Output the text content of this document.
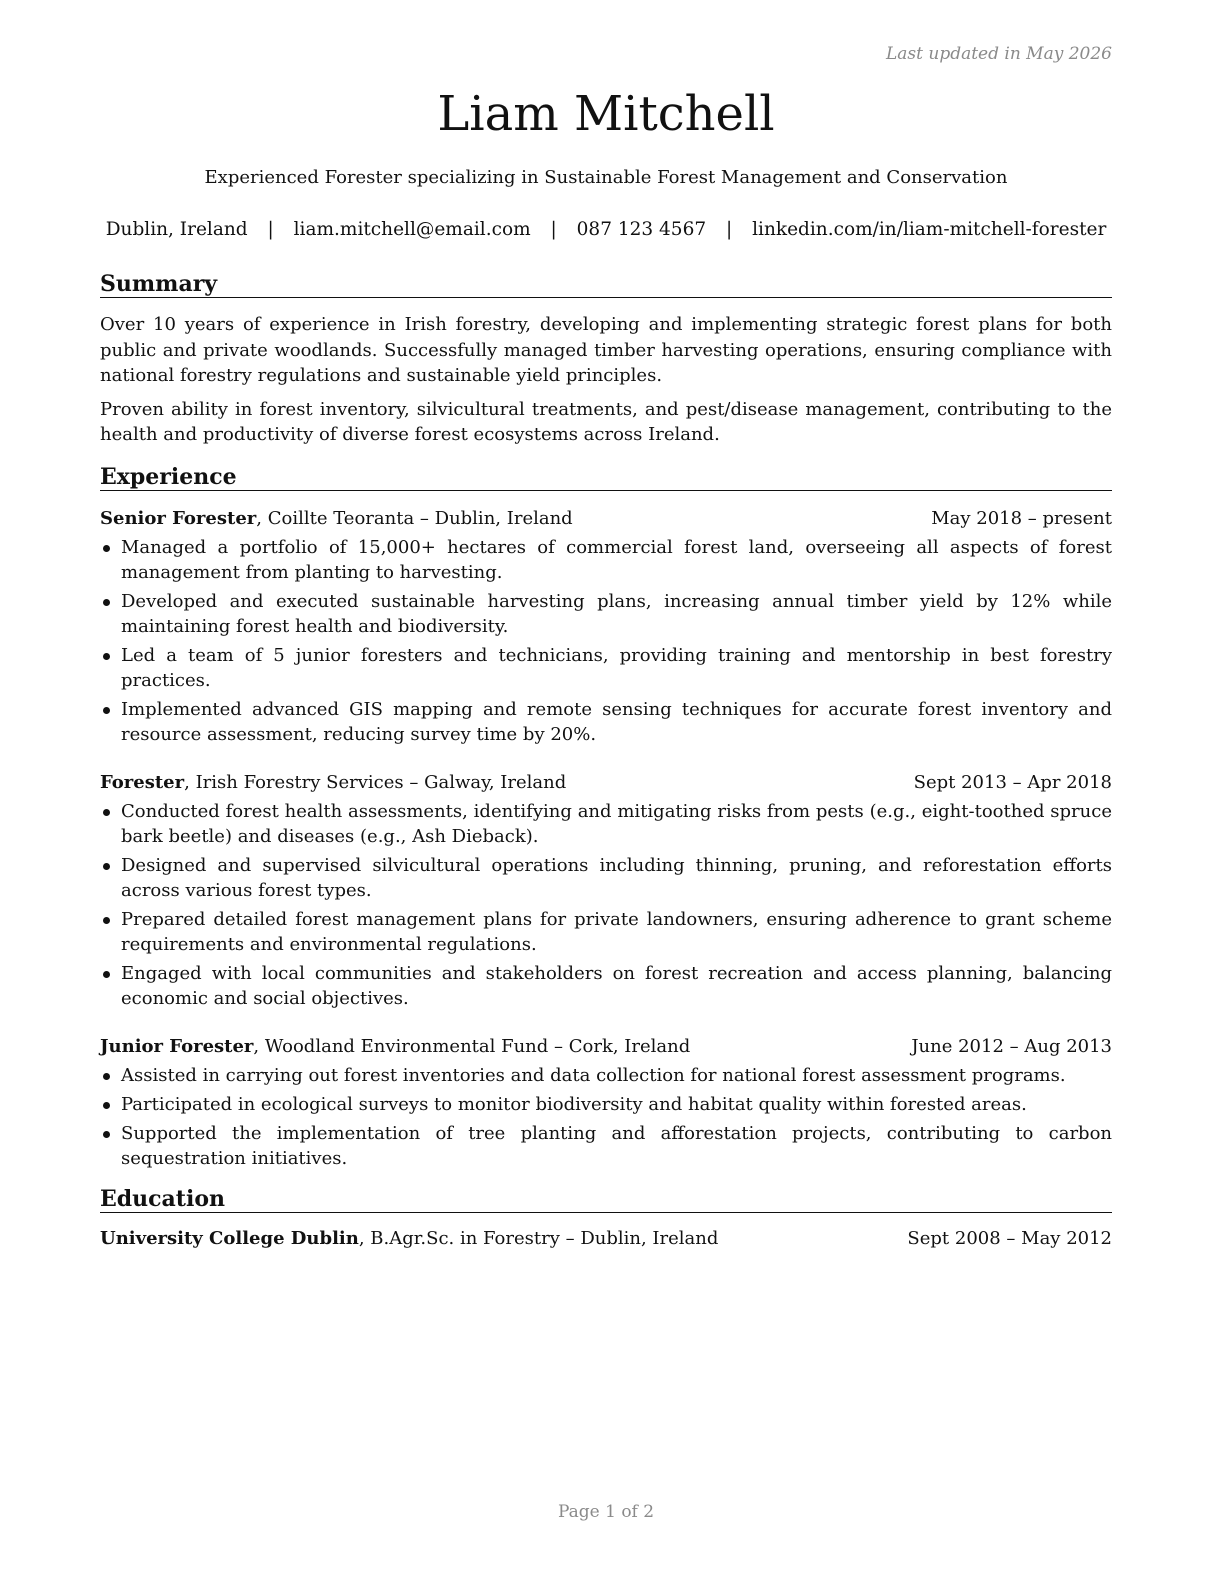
Last updated in May 2026
Liam Mitchell
Experienced Forester specializing in Sustainable Forest Management and Conservation
Dublin, Ireland | liam.mitchell@email.com | 087 123 4567 | linkedin.com/in/liam-mitchell-forester
Summary

Over 10 years of experience in Irish forestry, developing and implementing strategic forest plans for both public and private woodlands. Successfully managed timber harvesting operations, ensuring compliance with national forestry regulations and sustainable yield principles.

Proven ability in forest inventory, silvicultural treatments, and pest/disease management, contributing to the health and productivity of diverse forest ecosystems across Ireland.

Experience
Senior Forester, Coillte Teoranta – Dublin, Ireland	May 2018 – present
Managed a portfolio of 15,000+ hectares of commercial forest land, overseeing all aspects of forest management from planting to harvesting.
Developed and executed sustainable harvesting plans, increasing annual timber yield by 12% while maintaining forest health and biodiversity.
Led a team of 5 junior foresters and technicians, providing training and mentorship in best forestry practices.
Implemented advanced GIS mapping and remote sensing techniques for accurate forest inventory and resource assessment, reducing survey time by 20%.
Forester, Irish Forestry Services – Galway, Ireland	Sept 2013 – Apr 2018
Conducted forest health assessments, identifying and mitigating risks from pests (e.g., eight-toothed spruce bark beetle) and diseases (e.g., Ash Dieback).
Designed and supervised silvicultural operations including thinning, pruning, and reforestation efforts across various forest types.
Prepared detailed forest management plans for private landowners, ensuring adherence to grant scheme requirements and environmental regulations.
Engaged with local communities and stakeholders on forest recreation and access planning, balancing economic and social objectives.
Junior Forester, Woodland Environmental Fund – Cork, Ireland	June 2012 – Aug 2013
Assisted in carrying out forest inventories and data collection for national forest assessment programs.
Participated in ecological surveys to monitor biodiversity and habitat quality within forested areas.
Supported the implementation of tree planting and afforestation projects, contributing to carbon sequestration initiatives.
Education
University College Dublin, B.Agr.Sc. in Forestry – Dublin, Ireland	Sept 2008 – May 2012
Page 1 of 2
